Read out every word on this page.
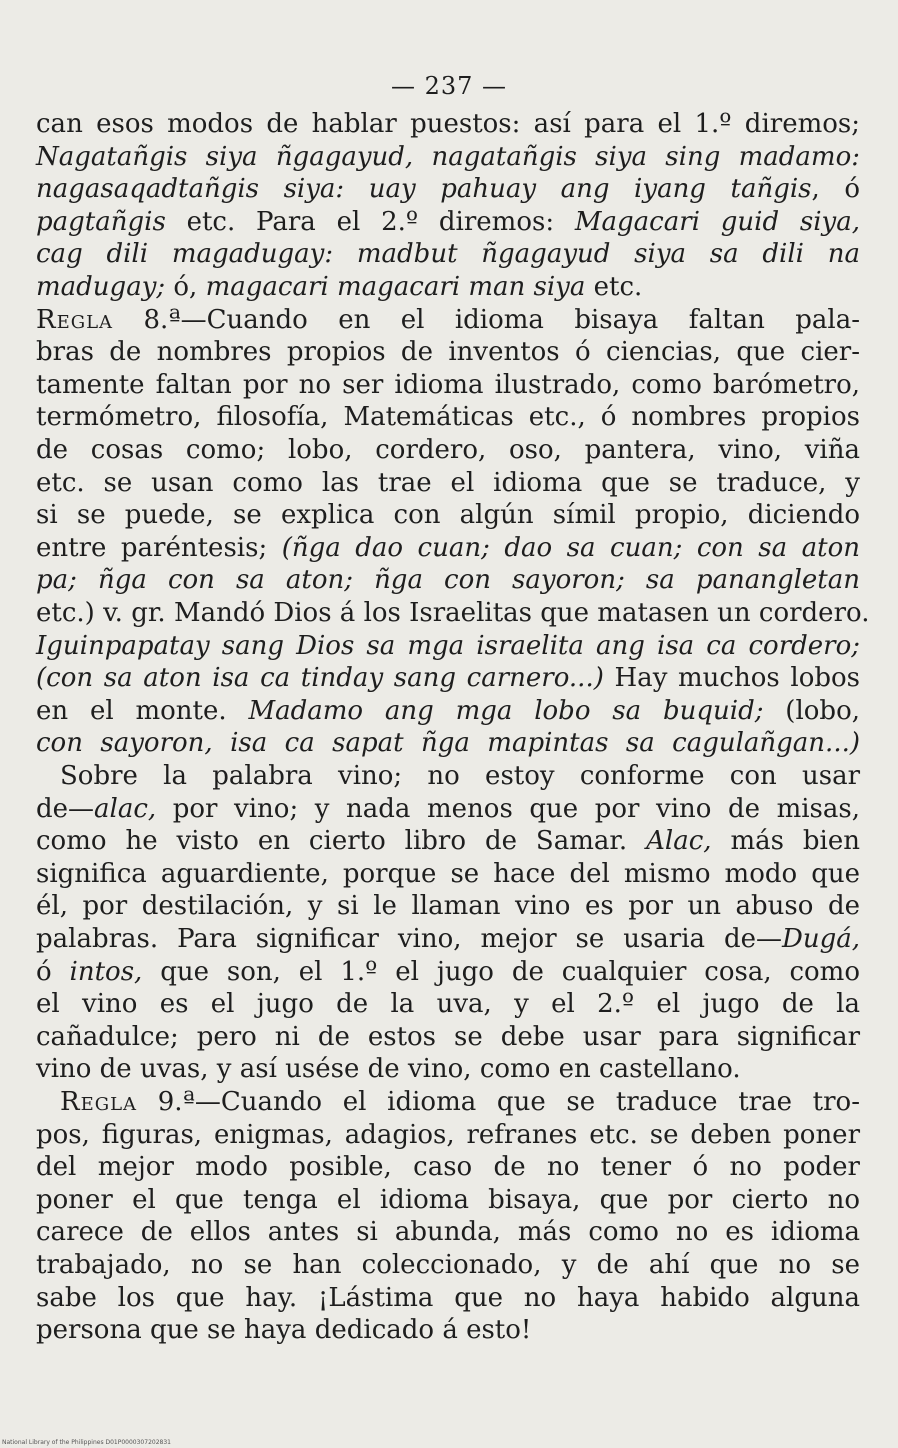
— 237 —
can esos modos de hablar puestos: así para el 1.º diremos;
Nagatañgis siya ñgagayud, nagatañgis siya sing madamo:
nagasaqadtañgis siya: uay pahuay ang iyang tañgis, ó
pagtañgis etc. Para el 2.º diremos: Magacari guid siya,
cag dili magadugay: madbut ñgagayud siya sa dili na
madugay; ó, magacari magacari man siya etc.
Regla 8.ª—Cuando en el idioma bisaya faltan pala-
bras de nombres propios de inventos ó ciencias, que cier-
tamente faltan por no ser idioma ilustrado, como barómetro,
termómetro, filosofía, Matemáticas etc., ó nombres propios
de cosas como; lobo, cordero, oso, pantera, vino, viña
etc. se usan como las trae el idioma que se traduce, y
si se puede, se explica con algún símil propio, diciendo
entre paréntesis; (ñga dao cuan; dao sa cuan; con sa aton
pa; ñga con sa aton; ñga con sayoron; sa panangletan
etc.) v. gr. Mandó Dios á los Israelitas que matasen un cordero.
Iguinpapatay sang Dios sa mga israelita ang isa ca cordero;
(con sa aton isa ca tinday sang carnero...) Hay muchos lobos
en el monte. Madamo ang mga lobo sa buquid; (lobo,
con sayoron, isa ca sapat ñga mapintas sa cagulañgan...)
Sobre la palabra vino; no estoy conforme con usar
de—alac, por vino; y nada menos que por vino de misas,
como he visto en cierto libro de Samar. Alac, más bien
significa aguardiente, porque se hace del mismo modo que
él, por destilación, y si le llaman vino es por un abuso de
palabras. Para significar vino, mejor se usaria de—Dugá,
ó intos, que son, el 1.º el jugo de cualquier cosa, como
el vino es el jugo de la uva, y el 2.º el jugo de la
cañadulce; pero ni de estos se debe usar para significar
vino de uvas, y así usése de vino, como en castellano.
Regla 9.ª—Cuando el idioma que se traduce trae tro-
pos, figuras, enigmas, adagios, refranes etc. se deben poner
del mejor modo posible, caso de no tener ó no poder
poner el que tenga el idioma bisaya, que por cierto no
carece de ellos antes si abunda, más como no es idioma
trabajado, no se han coleccionado, y de ahí que no se
sabe los que hay. ¡Lástima que no haya habido alguna
persona que se haya dedicado á esto!
National Library of the Philippines D01P0000307202831
